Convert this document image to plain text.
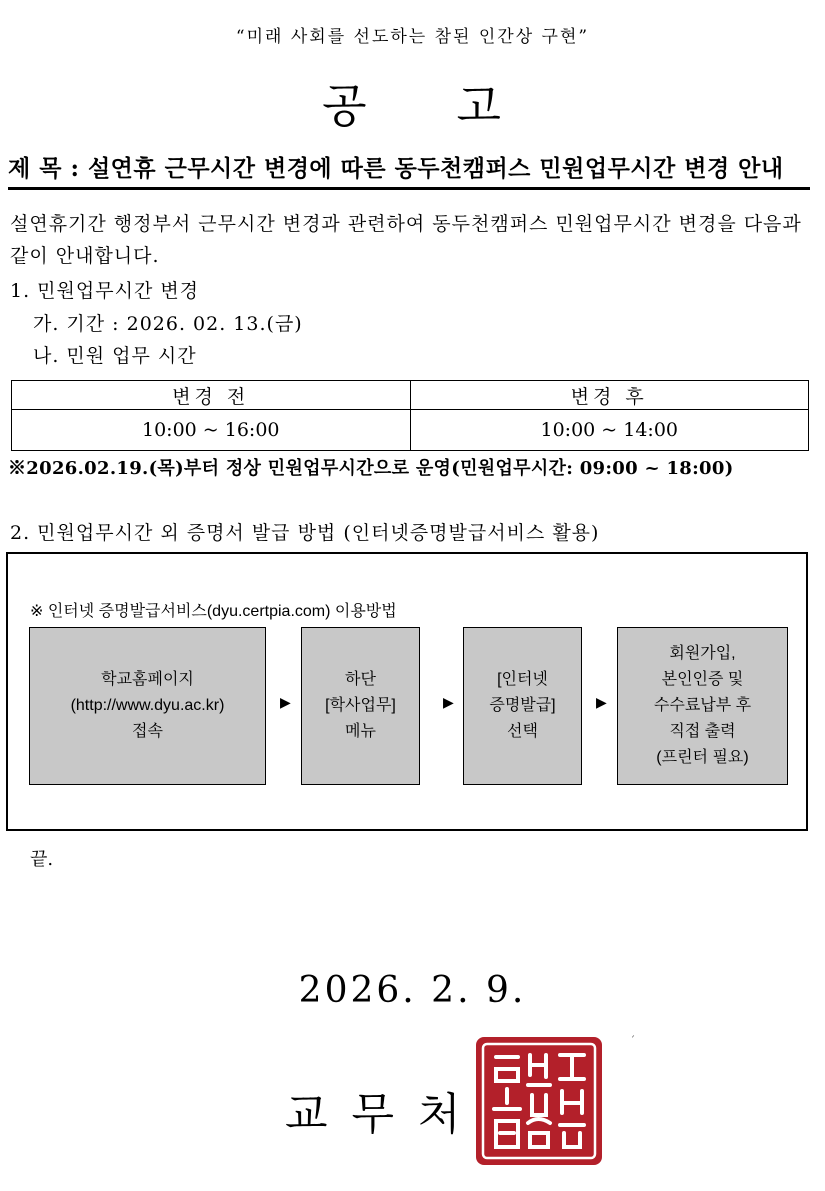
“미래 사회를 선도하는 참된 인간상 구현”
공 고
제 목 : 설연휴 근무시간 변경에 따른 동두천캠퍼스 민원업무시간 변경 안내
설연휴기간 행정부서 근무시간 변경과 관련하여 동두천캠퍼스 민원업무시간 변경을 다음과 같이 안내합니다.
1. 민원업무시간 변경
가. 기간 : 2026. 02. 13.(금)
나. 민원 업무 시간
변경 전	변경 후
10:00 ~ 16:00	10:00 ~ 14:00
※2026.02.19.(목)부터 정상 민원업무시간으로 운영(민원업무시간: 09:00 ~ 18:00)
2. 민원업무시간 외 증명서 발급 방법 (인터넷증명발급서비스 활용)
※ 인터넷 증명발급서비스(dyu.certpia.com) 이용방법
학교홈페이지
(http://www.dyu.ac.kr)
접속
▶
하단
[학사업무]
메뉴
▶
[인터넷
증명발급]
선택
▶
회원가입,
본인인증 및
수수료납부 후
직접 출력
(프린터 필요)
끝.
2026. 2. 9.
교 무 처
´
